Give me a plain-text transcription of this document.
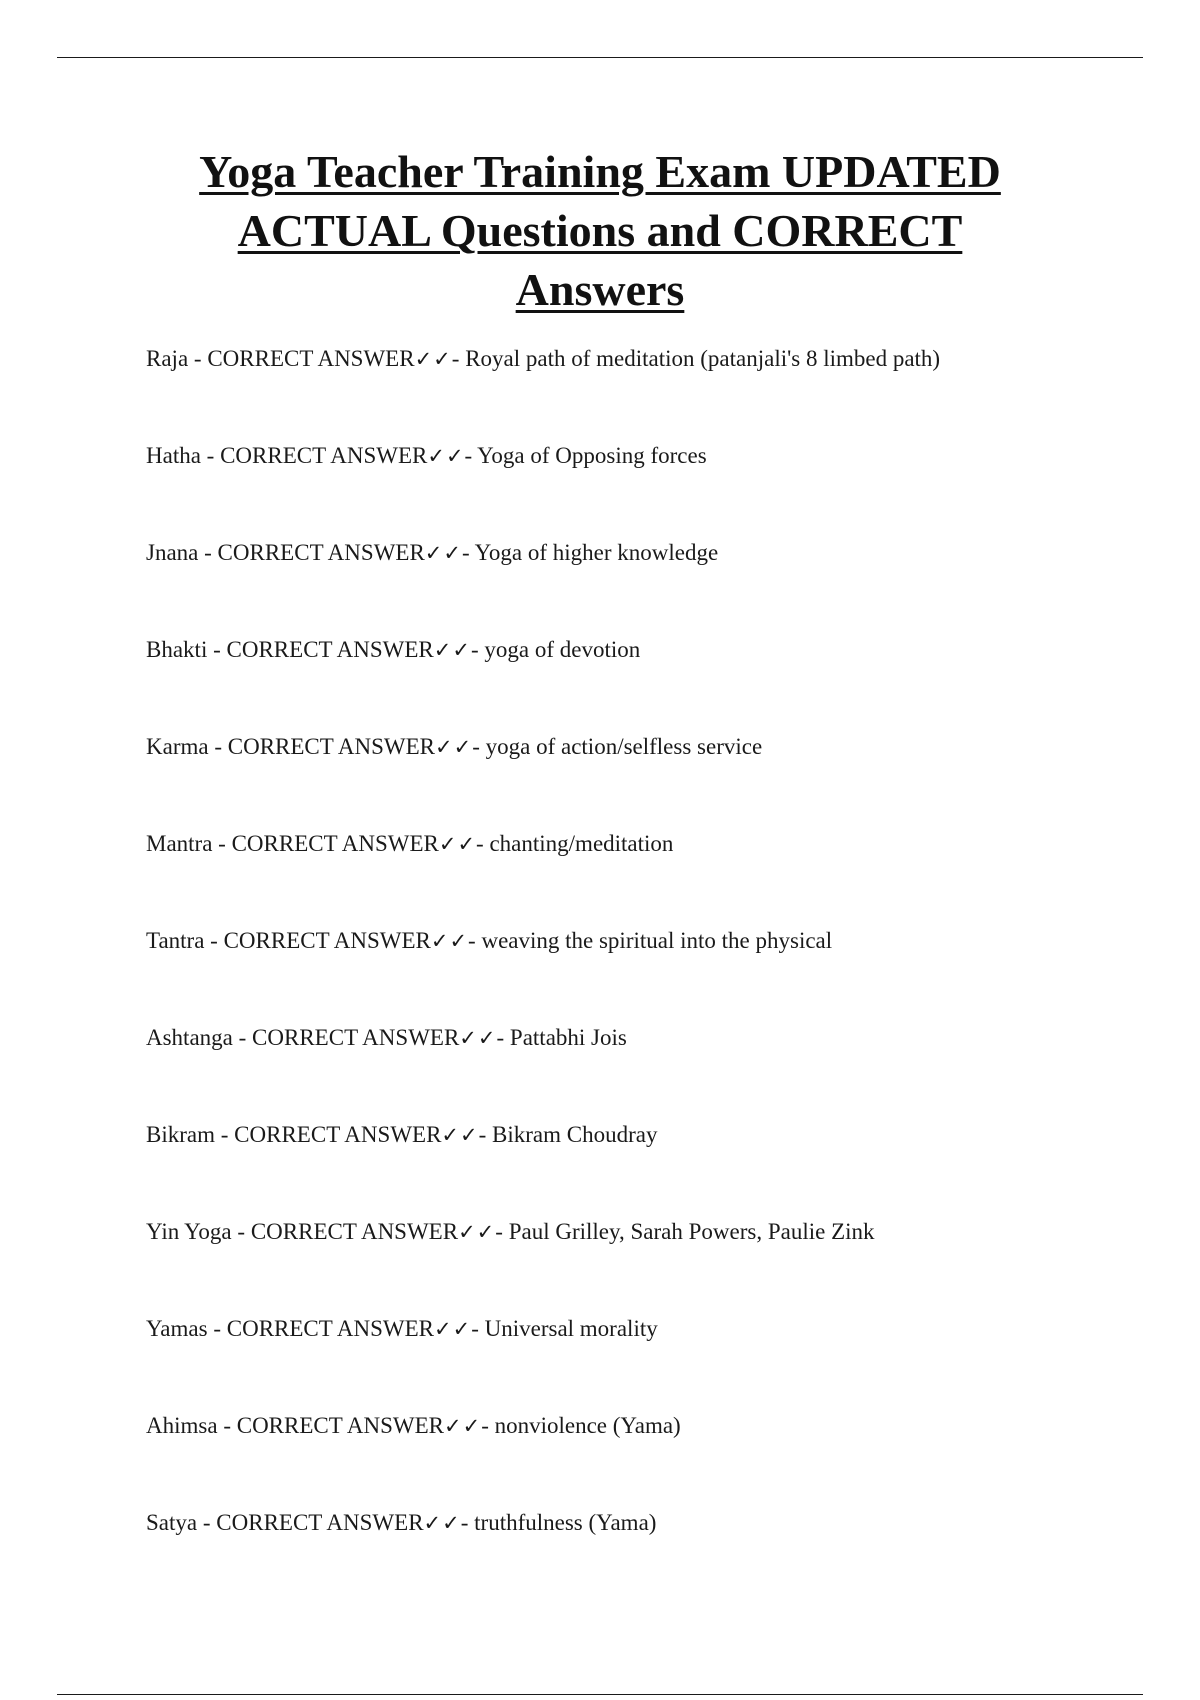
Yoga Teacher Training Exam UPDATED ACTUAL Questions and CORRECT Answers
Raja - CORRECT ANSWER✓✓- Royal path of meditation (patanjali's 8 limbed path)
Hatha - CORRECT ANSWER✓✓- Yoga of Opposing forces
Jnana - CORRECT ANSWER✓✓- Yoga of higher knowledge
Bhakti - CORRECT ANSWER✓✓- yoga of devotion
Karma - CORRECT ANSWER✓✓- yoga of action/selfless service
Mantra - CORRECT ANSWER✓✓- chanting/meditation
Tantra - CORRECT ANSWER✓✓- weaving the spiritual into the physical
Ashtanga - CORRECT ANSWER✓✓- Pattabhi Jois
Bikram - CORRECT ANSWER✓✓- Bikram Choudray
Yin Yoga - CORRECT ANSWER✓✓- Paul Grilley, Sarah Powers, Paulie Zink
Yamas - CORRECT ANSWER✓✓- Universal morality
Ahimsa - CORRECT ANSWER✓✓- nonviolence (Yama)
Satya - CORRECT ANSWER✓✓- truthfulness (Yama)
